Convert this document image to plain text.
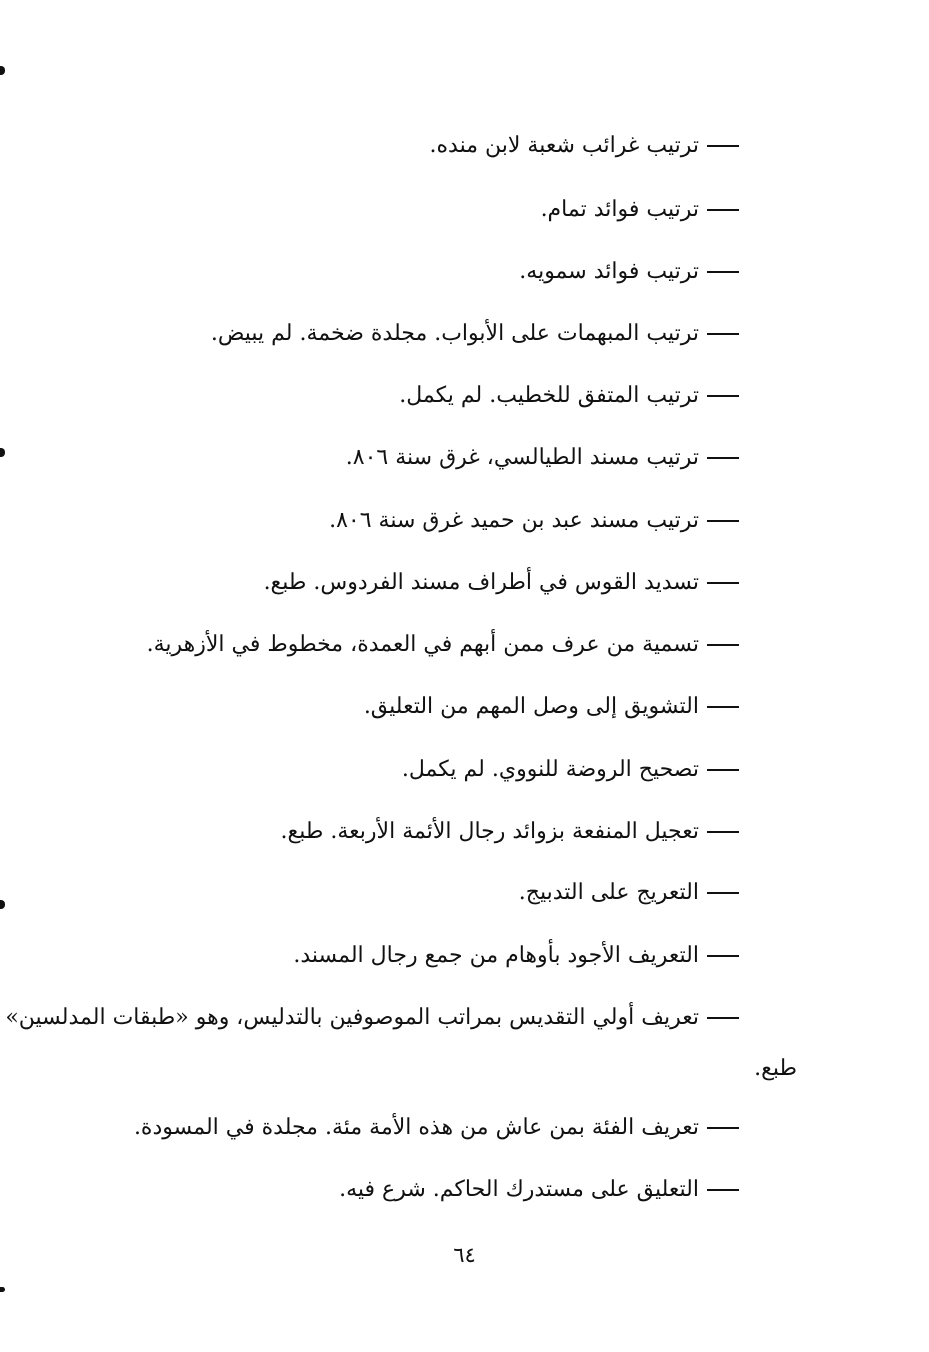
ترتيب غرائب شعبة لابن منده.

ترتيب فوائد تمام.

ترتيب فوائد سمويه.

ترتيب المبهمات على الأبواب. مجلدة ضخمة. لم يبيض.

ترتيب المتفق للخطيب. لم يكمل.

ترتيب مسند الطيالسي، غرق سنة ٨٠٦.

ترتيب مسند عبد بن حميد غرق سنة ٨٠٦.

تسديد القوس في أطراف مسند الفردوس. طبع.

تسمية من عرف ممن أبهم في العمدة، مخطوط في الأزهرية.

التشويق إلى وصل المهم من التعليق.

تصحيح الروضة للنووي. لم يكمل.

تعجيل المنفعة بزوائد رجال الأئمة الأربعة. طبع.

التعريج على التدبيج.

التعريف الأجود بأوهام من جمع رجال المسند.

تعريف أولي التقديس بمراتب الموصوفين بالتدليس، وهو «طبقات المدلسين»

طبع.

تعريف الفئة بمن عاش من هذه الأمة مئة. مجلدة في المسودة.

التعليق على مستدرك الحاكم. شرع فيه.

٦٤
